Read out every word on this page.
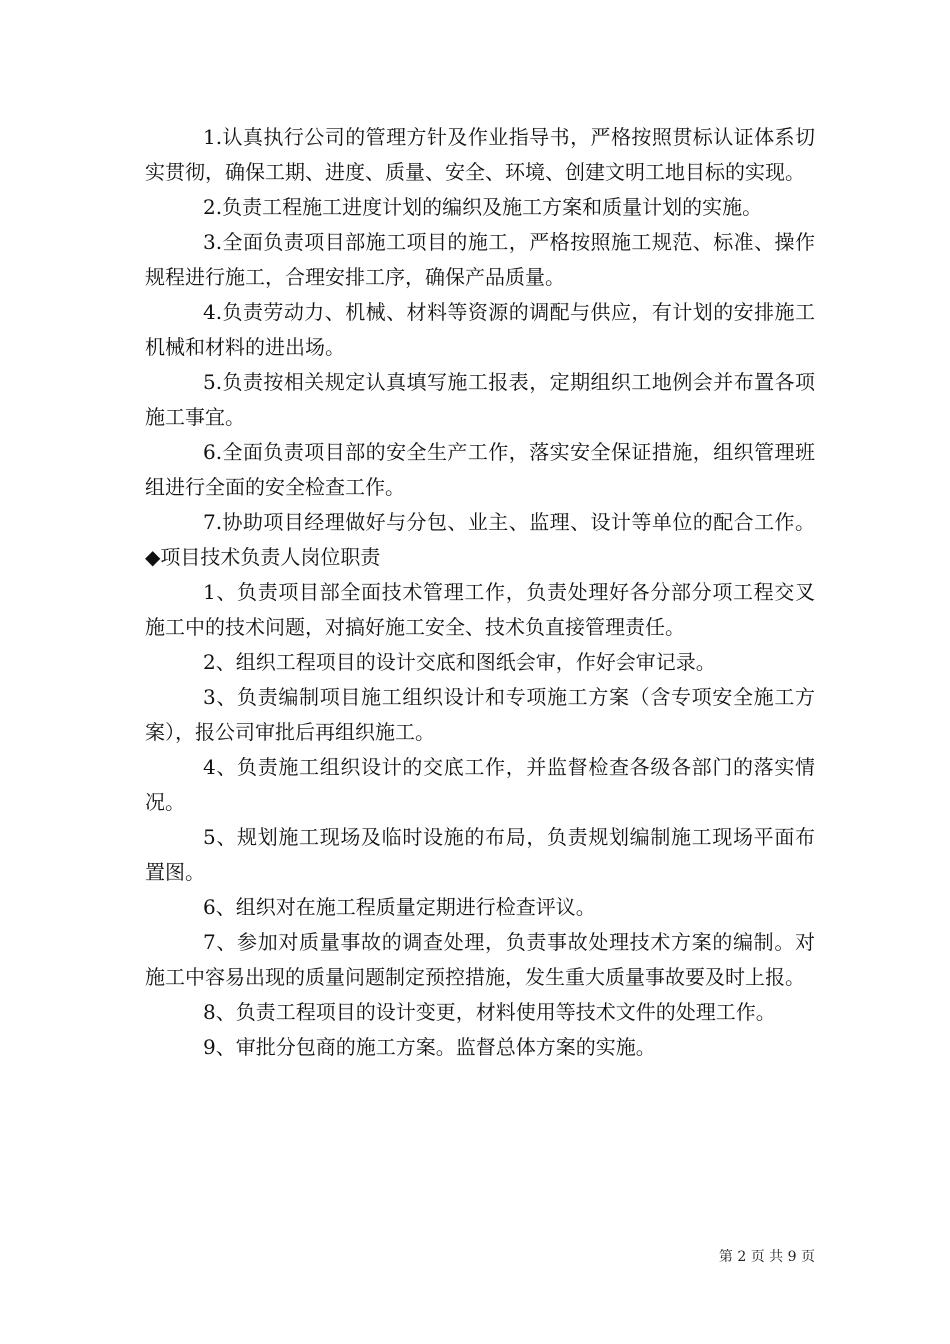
1.认真执行公司的管理方针及作业指导书，严格按照贯标认证体系切实贯彻，确保工期、进度、质量、安全、环境、创建文明工地目标的实现。

2.负责工程施工进度计划的编织及施工方案和质量计划的实施。

3.全面负责项目部施工项目的施工，严格按照施工规范、标准、操作规程进行施工，合理安排工序，确保产品质量。

4.负责劳动力、机械、材料等资源的调配与供应，有计划的安排施工机械和材料的进出场。

5.负责按相关规定认真填写施工报表，定期组织工地例会并布置各项施工事宜。

6.全面负责项目部的安全生产工作，落实安全保证措施，组织管理班组进行全面的安全检查工作。

7.协助项目经理做好与分包、业主、监理、设计等单位的配合工作。◆项目技术负责人岗位职责

1、负责项目部全面技术管理工作，负责处理好各分部分项工程交叉施工中的技术问题，对搞好施工安全、技术负直接管理责任。

2、组织工程项目的设计交底和图纸会审，作好会审记录。

3、负责编制项目施工组织设计和专项施工方案（含专项安全施工方案），报公司审批后再组织施工。

4、负责施工组织设计的交底工作，并监督检查各级各部门的落实情况。

5、规划施工现场及临时设施的布局，负责规划编制施工现场平面布置图。

6、组织对在施工程质量定期进行检查评议。

7、参加对质量事故的调查处理，负责事故处理技术方案的编制。对施工中容易出现的质量问题制定预控措施，发生重大质量事故要及时上报。

8、负责工程项目的设计变更，材料使用等技术文件的处理工作。

9、审批分包商的施工方案。监督总体方案的实施。

第 2 页 共 9 页
